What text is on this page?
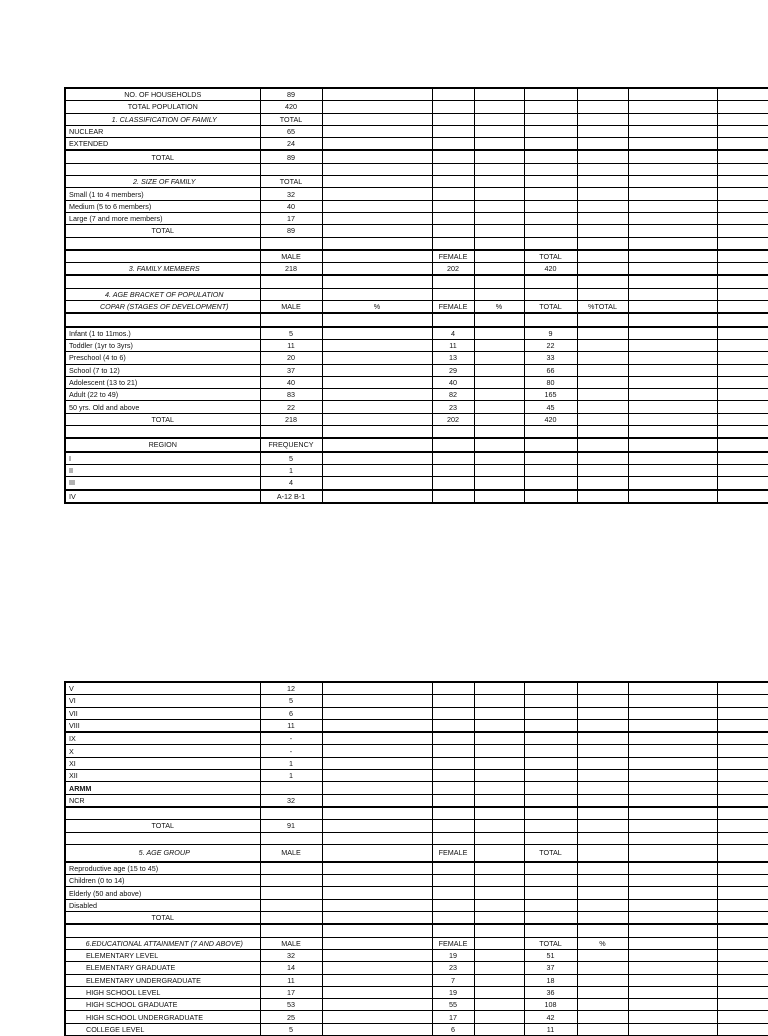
NO. OF HOUSEHOLDS	89							
TOTAL POPULATION	420							
1. CLASSIFICATION OF FAMILY	TOTAL							
NUCLEAR	65							
EXTENDED	24							
TOTAL	89							

2. SIZE OF FAMILY	TOTAL							
Small (1 to 4 members)	32							
Medium (5 to 6 members)	40							
Large (7 and more members)	17							
TOTAL	89							

	MALE		FEMALE		TOTAL			
3. FAMILY MEMBERS	218		202		420			

4. AGE BRACKET OF POPULATION								
COPAR (STAGES OF DEVELOPMENT)	MALE	%	FEMALE	%	TOTAL	%TOTAL		

Infant (1 to 11mos.)	5		4		9			
Toddler (1yr to 3yrs)	11		11		22			
Preschool (4 to 6)	20		13		33			
School (7 to 12)	37		29		66			
Adolescent (13 to 21)	40		40		80			
Adult (22 to 49)	83		82		165			
50 yrs. Old and above	22		23		45			
TOTAL	218		202		420			

REGION	FREQUENCY							
I	5							
II	1							
III	4							
IV	A-12 B-1							
V	12							
VI	5							
VII	6							
VIII	11							
IX	-							
X	-							
XI	1							
XII	1							
ARMM								
NCR	32							

TOTAL	91							

5. AGE GROUP	MALE		FEMALE		TOTAL			
Reproductive age (15 to 45)								
Children (0 to 14)								
Elderly (50 and above)								
Disabled								
TOTAL								

6.EDUCATIONAL ATTAINMENT (7 AND ABOVE)	MALE		FEMALE		TOTAL	%		
ELEMENTARY LEVEL	32		19		51			
ELEMENTARY GRADUATE	14		23		37			
ELEMENTARY UNDERGRADUATE	11		7		18			
HIGH SCHOOL LEVEL	17		19		36			
HIGH SCHOOL GRADUATE	53		55		108			
HIGH SCHOOL UNDERGRADUATE	25		17		42			
COLLEGE LEVEL	5		6		11			
